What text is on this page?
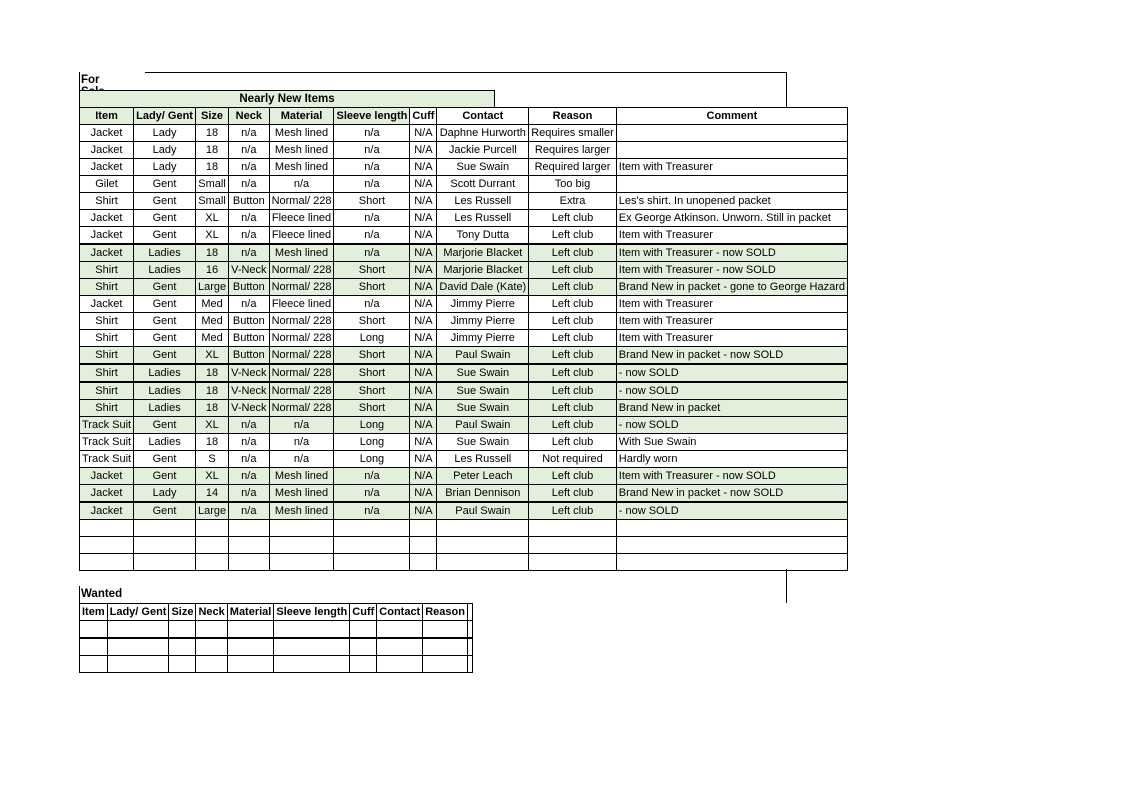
For
Nearly New Items
Item	Lady/ Gent	Size	Neck	Material	Sleeve length	Cuff	Contact	Reason	Comment
Jacket	Lady	18	n/a	Mesh lined	n/a	N/A	Daphne Hurworth	Requires smaller	
Jacket	Lady	18	n/a	Mesh lined	n/a	N/A	Jackie Purcell	Requires larger	
Jacket	Lady	18	n/a	Mesh lined	n/a	N/A	Sue Swain	Required larger	Item with Treasurer
Gilet	Gent	Small	n/a	n/a	n/a	N/A	Scott Durrant	Too big	
Shirt	Gent	Small	Button	Normal/ 228	Short	N/A	Les Russell	Extra	Les's shirt. In unopened packet
Jacket	Gent	XL	n/a	Fleece lined	n/a	N/A	Les Russell	Left club	Ex George Atkinson. Unworn. Still in packet
Jacket	Gent	XL	n/a	Fleece lined	n/a	N/A	Tony Dutta	Left club	Item with Treasurer
Jacket	Ladies	18	n/a	Mesh lined	n/a	N/A	Marjorie Blacket	Left club	Item with Treasurer - now SOLD
Shirt	Ladies	16	V-Neck	Normal/ 228	Short	N/A	Marjorie Blacket	Left club	Item with Treasurer - now SOLD
Shirt	Gent	Large	Button	Normal/ 228	Short	N/A	David Dale (Kate)	Left club	Brand New in packet - gone to George Hazard
Jacket	Gent	Med	n/a	Fleece lined	n/a	N/A	Jimmy Pierre	Left club	Item with Treasurer
Shirt	Gent	Med	Button	Normal/ 228	Short	N/A	Jimmy Pierre	Left club	Item with Treasurer
Shirt	Gent	Med	Button	Normal/ 228	Long	N/A	Jimmy Pierre	Left club	Item with Treasurer
Shirt	Gent	XL	Button	Normal/ 228	Short	N/A	Paul Swain	Left club	Brand New in packet - now SOLD
Shirt	Ladies	18	V-Neck	Normal/ 228	Short	N/A	Sue Swain	Left club	- now SOLD
Shirt	Ladies	18	V-Neck	Normal/ 228	Short	N/A	Sue Swain	Left club	- now SOLD
Shirt	Ladies	18	V-Neck	Normal/ 228	Short	N/A	Sue Swain	Left club	Brand New in packet
Track Suit	Gent	XL	n/a	n/a	Long	N/A	Paul Swain	Left club	- now SOLD
Track Suit	Ladies	18	n/a	n/a	Long	N/A	Sue Swain	Left club	With Sue Swain
Track Suit	Gent	S	n/a	n/a	Long	N/A	Les Russell	Not required	Hardly worn
Jacket	Gent	XL	n/a	Mesh lined	n/a	N/A	Peter Leach	Left club	Item with Treasurer - now SOLD
Jacket	Lady	14	n/a	Mesh lined	n/a	N/A	Brian Dennison	Left club	Brand New in packet - now SOLD
Jacket	Gent	Large	n/a	Mesh lined	n/a	N/A	Paul Swain	Left club	- now SOLD

Wanted
Item	Lady/ Gent	Size	Neck	Material	Sleeve length	Cuff	Contact	Reason	
